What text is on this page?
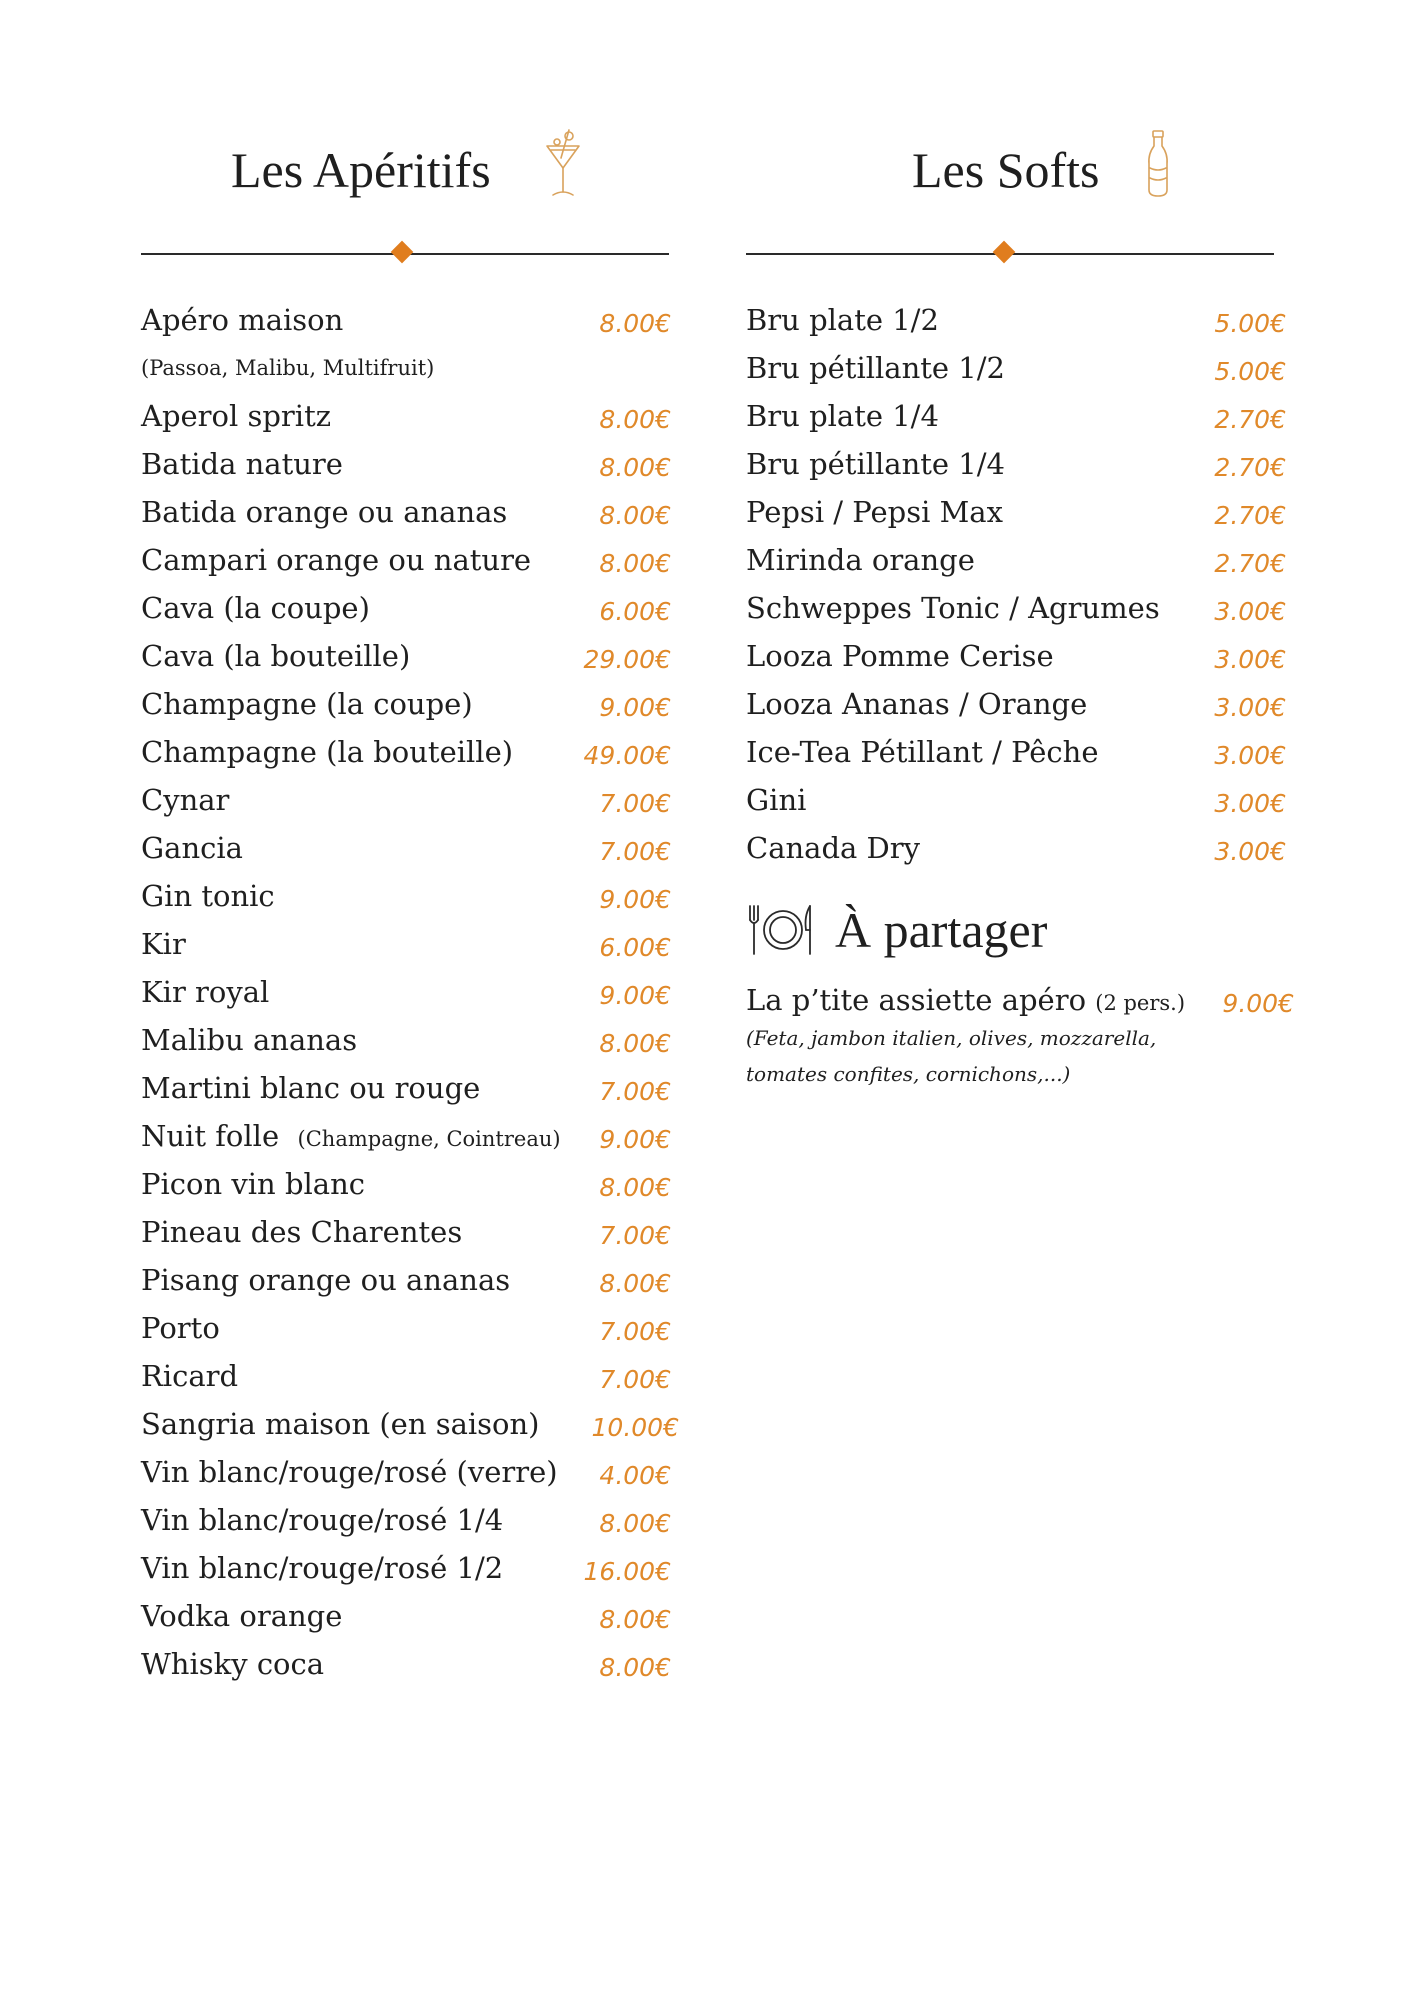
Les Apéritifs
Apéro maison	8.00€
(Passoa, Malibu, Multifruit)
Aperol spritz	8.00€
Batida nature	8.00€
Batida orange ou ananas	8.00€
Campari orange ou nature	8.00€
Cava (la coupe)	6.00€
Cava (la bouteille)	29.00€
Champagne (la coupe)	9.00€
Champagne (la bouteille)	49.00€
Cynar	7.00€
Gancia	7.00€
Gin tonic	9.00€
Kir	6.00€
Kir royal	9.00€
Malibu ananas	8.00€
Martini blanc ou rouge	7.00€
Nuit folle (Champagne, Cointreau) 9.00€
Picon vin blanc	8.00€
Pineau des Charentes	7.00€
Pisang orange ou ananas	8.00€
Porto	7.00€
Ricard	7.00€
Sangria maison (en saison) 10.00€
Vin blanc/rouge/rosé (verre) 4.00€
Vin blanc/rouge/rosé 1/4	8.00€
Vin blanc/rouge/rosé 1/2	16.00€
Vodka orange	8.00€
Whisky coca	8.00€
Les Softs
Bru plate 1/2	5.00€
Bru pétillante 1/2	5.00€
Bru plate 1/4	2.70€
Bru pétillante 1/4	2.70€
Pepsi / Pepsi Max	2.70€
Mirinda orange	2.70€
Schweppes Tonic / Agrumes 3.00€
Looza Pomme Cerise	3.00€
Looza Ananas / Orange	3.00€
Ice-Tea Pétillant / Pêche	3.00€
Gini	3.00€
Canada Dry	3.00€
À partager
La p’tite assiette apéro (2 pers.) 9.00€
(Feta, jambon italien, olives, mozzarella,
tomates confites, cornichons,...)
